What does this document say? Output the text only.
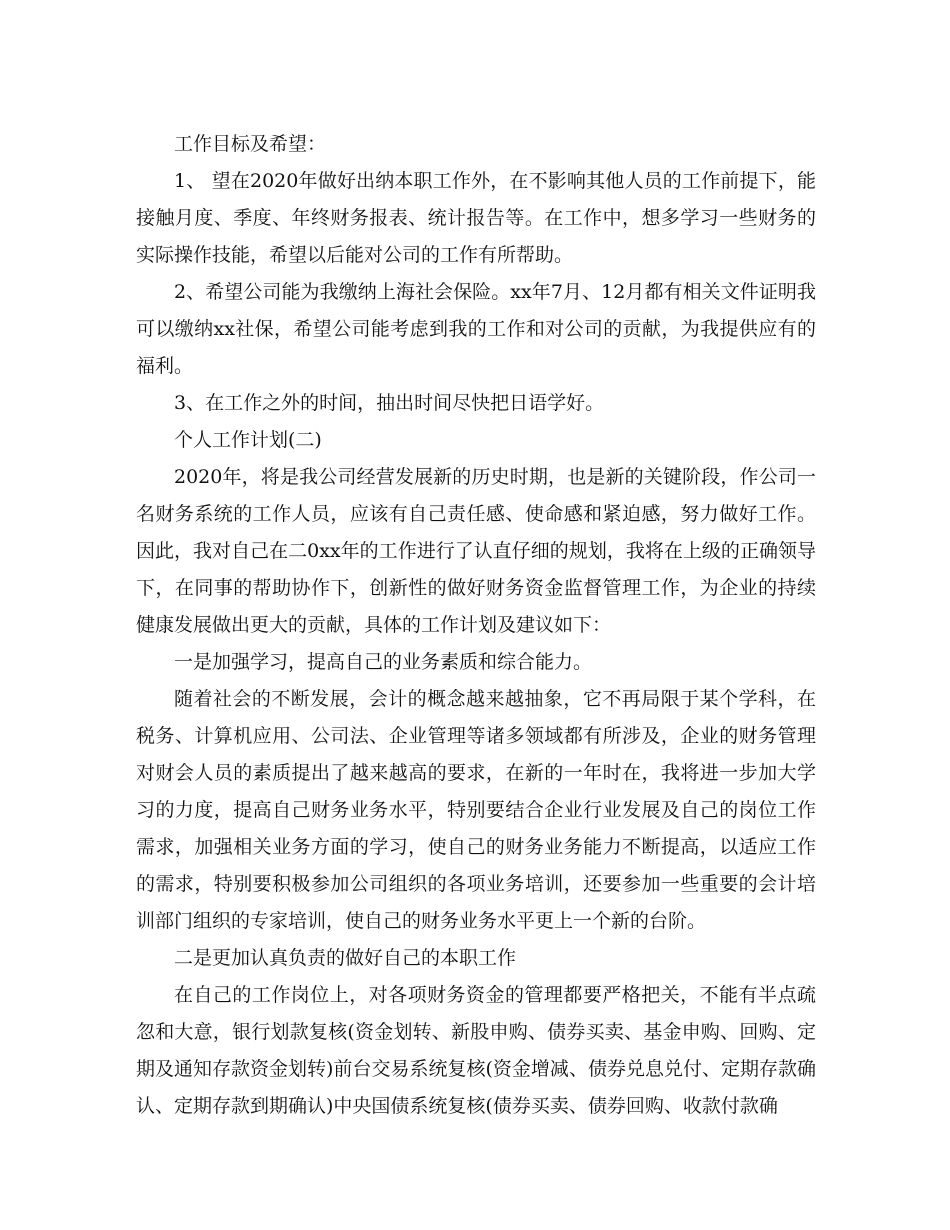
工作目标及希望：

1、 望在2020年做好出纳本职工作外，在不影响其他人员的工作前提下，能接触月度、季度、年终财务报表、统计报告等。在工作中，想多学习一些财务的实际操作技能，希望以后能对公司的工作有所帮助。

2、希望公司能为我缴纳上海社会保险。xx年7月、12月都有相关文件证明我可以缴纳xx社保，希望公司能考虑到我的工作和对公司的贡献，为我提供应有的福利。

3、在工作之外的时间，抽出时间尽快把日语学好。

个人工作计划(二)

2020年，将是我公司经营发展新的历史时期，也是新的关键阶段，作公司一名财务系统的工作人员，应该有自己责任感、使命感和紧迫感，努力做好工作。因此，我对自己在二0xx年的工作进行了认直仔细的规划，我将在上级的正确领导下，在同事的帮助协作下，创新性的做好财务资金监督管理工作，为企业的持续健康发展做出更大的贡献，具体的工作计划及建议如下：

一是加强学习，提高自己的业务素质和综合能力。

随着社会的不断发展，会计的概念越来越抽象，它不再局限于某个学科，在税务、计算机应用、公司法、企业管理等诸多领域都有所涉及，企业的财务管理对财会人员的素质提出了越来越高的要求，在新的一年时在，我将进一步加大学习的力度，提高自己财务业务水平，特别要结合企业行业发展及自己的岗位工作需求，加强相关业务方面的学习，使自己的财务业务能力不断提高，以适应工作的需求，特别要积极参加公司组织的各项业务培训，还要参加一些重要的会计培训部门组织的专家培训，使自己的财务业务水平更上一个新的台阶。

二是更加认真负责的做好自己的本职工作

在自己的工作岗位上，对各项财务资金的管理都要严格把关，不能有半点疏忽和大意，银行划款复核(资金划转、新股申购、债券买卖、基金申购、回购、定期及通知存款资金划转)前台交易系统复核(资金增减、债券兑息兑付、定期存款确认、定期存款到期确认)中央国债系统复核(债券买卖、债券回购、收款付款确
